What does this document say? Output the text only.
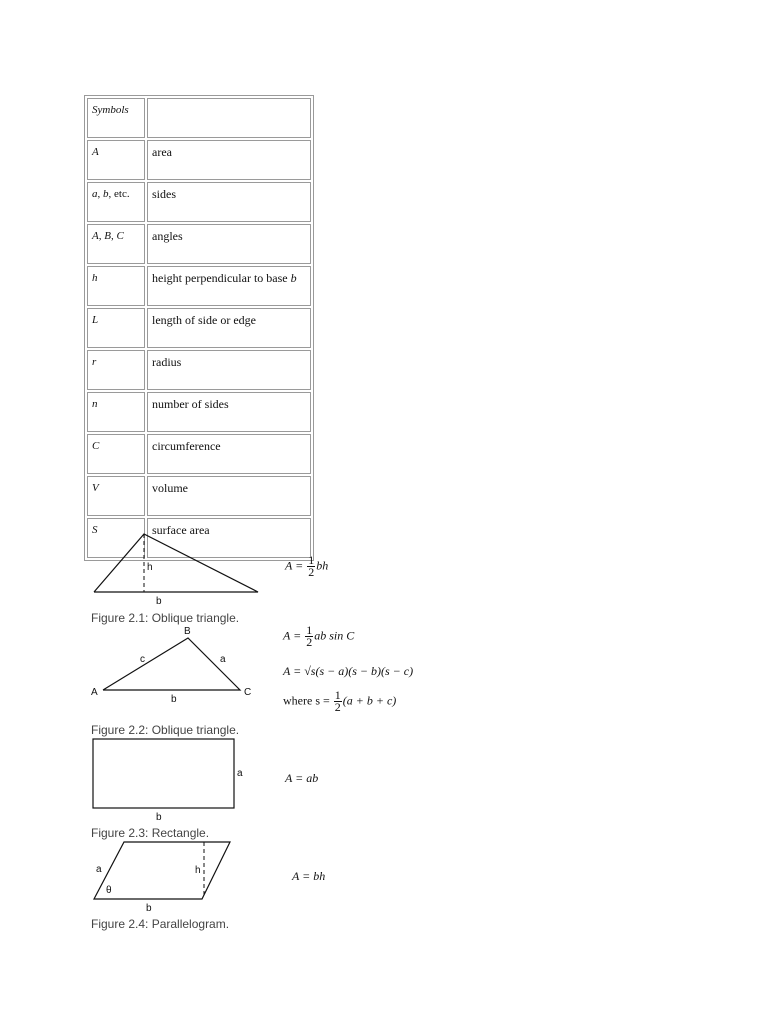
Symbols	
A	area
a, b, etc.	sides
A, B, C	angles
h	height perpendicular to base b
L	length of side or edge
r	radius
n	number of sides
C	circumference
V	volume
S	surface area
h
b
$A = \frac{1}{2}$ bh
Figure 2.1: Oblique triangle.
B
A	C
c	a
b
$A = \frac{1}{2}$ ab sin C
A = √s(s − a)(s − b)(s − c)
where $s = \frac{1}{2} (a + b + c)$
Figure 2.2: Oblique triangle.
a
b
A = ab
Figure 2.3: Rectangle.
a
θ
h
b
A = bh
Figure 2.4: Parallelogram.
